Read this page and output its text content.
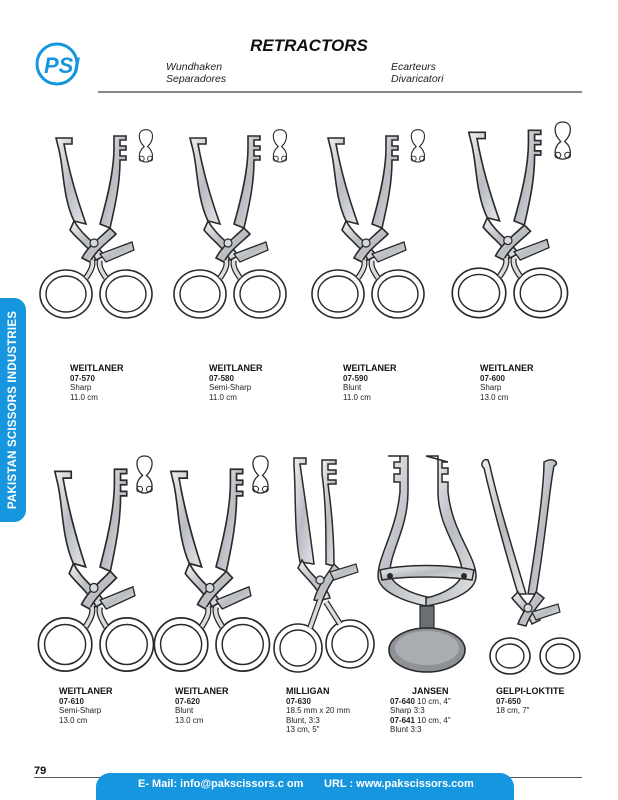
PSI
RETRACTORS
Wundhaken
Separadores
Ecarteurs
Divaricatori
PAKISTAN SCISSORS INDUSTRIES	WEITLANER
07-570
Sharp
11.0 cm
WEITLANER
07-580
Semi-Sharp
11.0 cm
WEITLANER
07-590
Blunt
11.0 cm
WEITLANER
07-600
Sharp
13.0 cm
WEITLANER
07-610
Semi-Sharp
13.0 cm
WEITLANER
07-620
Blunt
13.0 cm
MILLIGAN
07-630
18.5 mm x 20 mm
Blunt, 3:3
13 cm, 5"
JANSEN
07-640 10 cm, 4"
Sharp 3:3
07-641 10 cm, 4"
Blunt 3:3
GELPI-LOKTITE
07-650
18 cm, 7"
79
E- Mail: info@pakscissors.c om URL : www.pakscissors.com
